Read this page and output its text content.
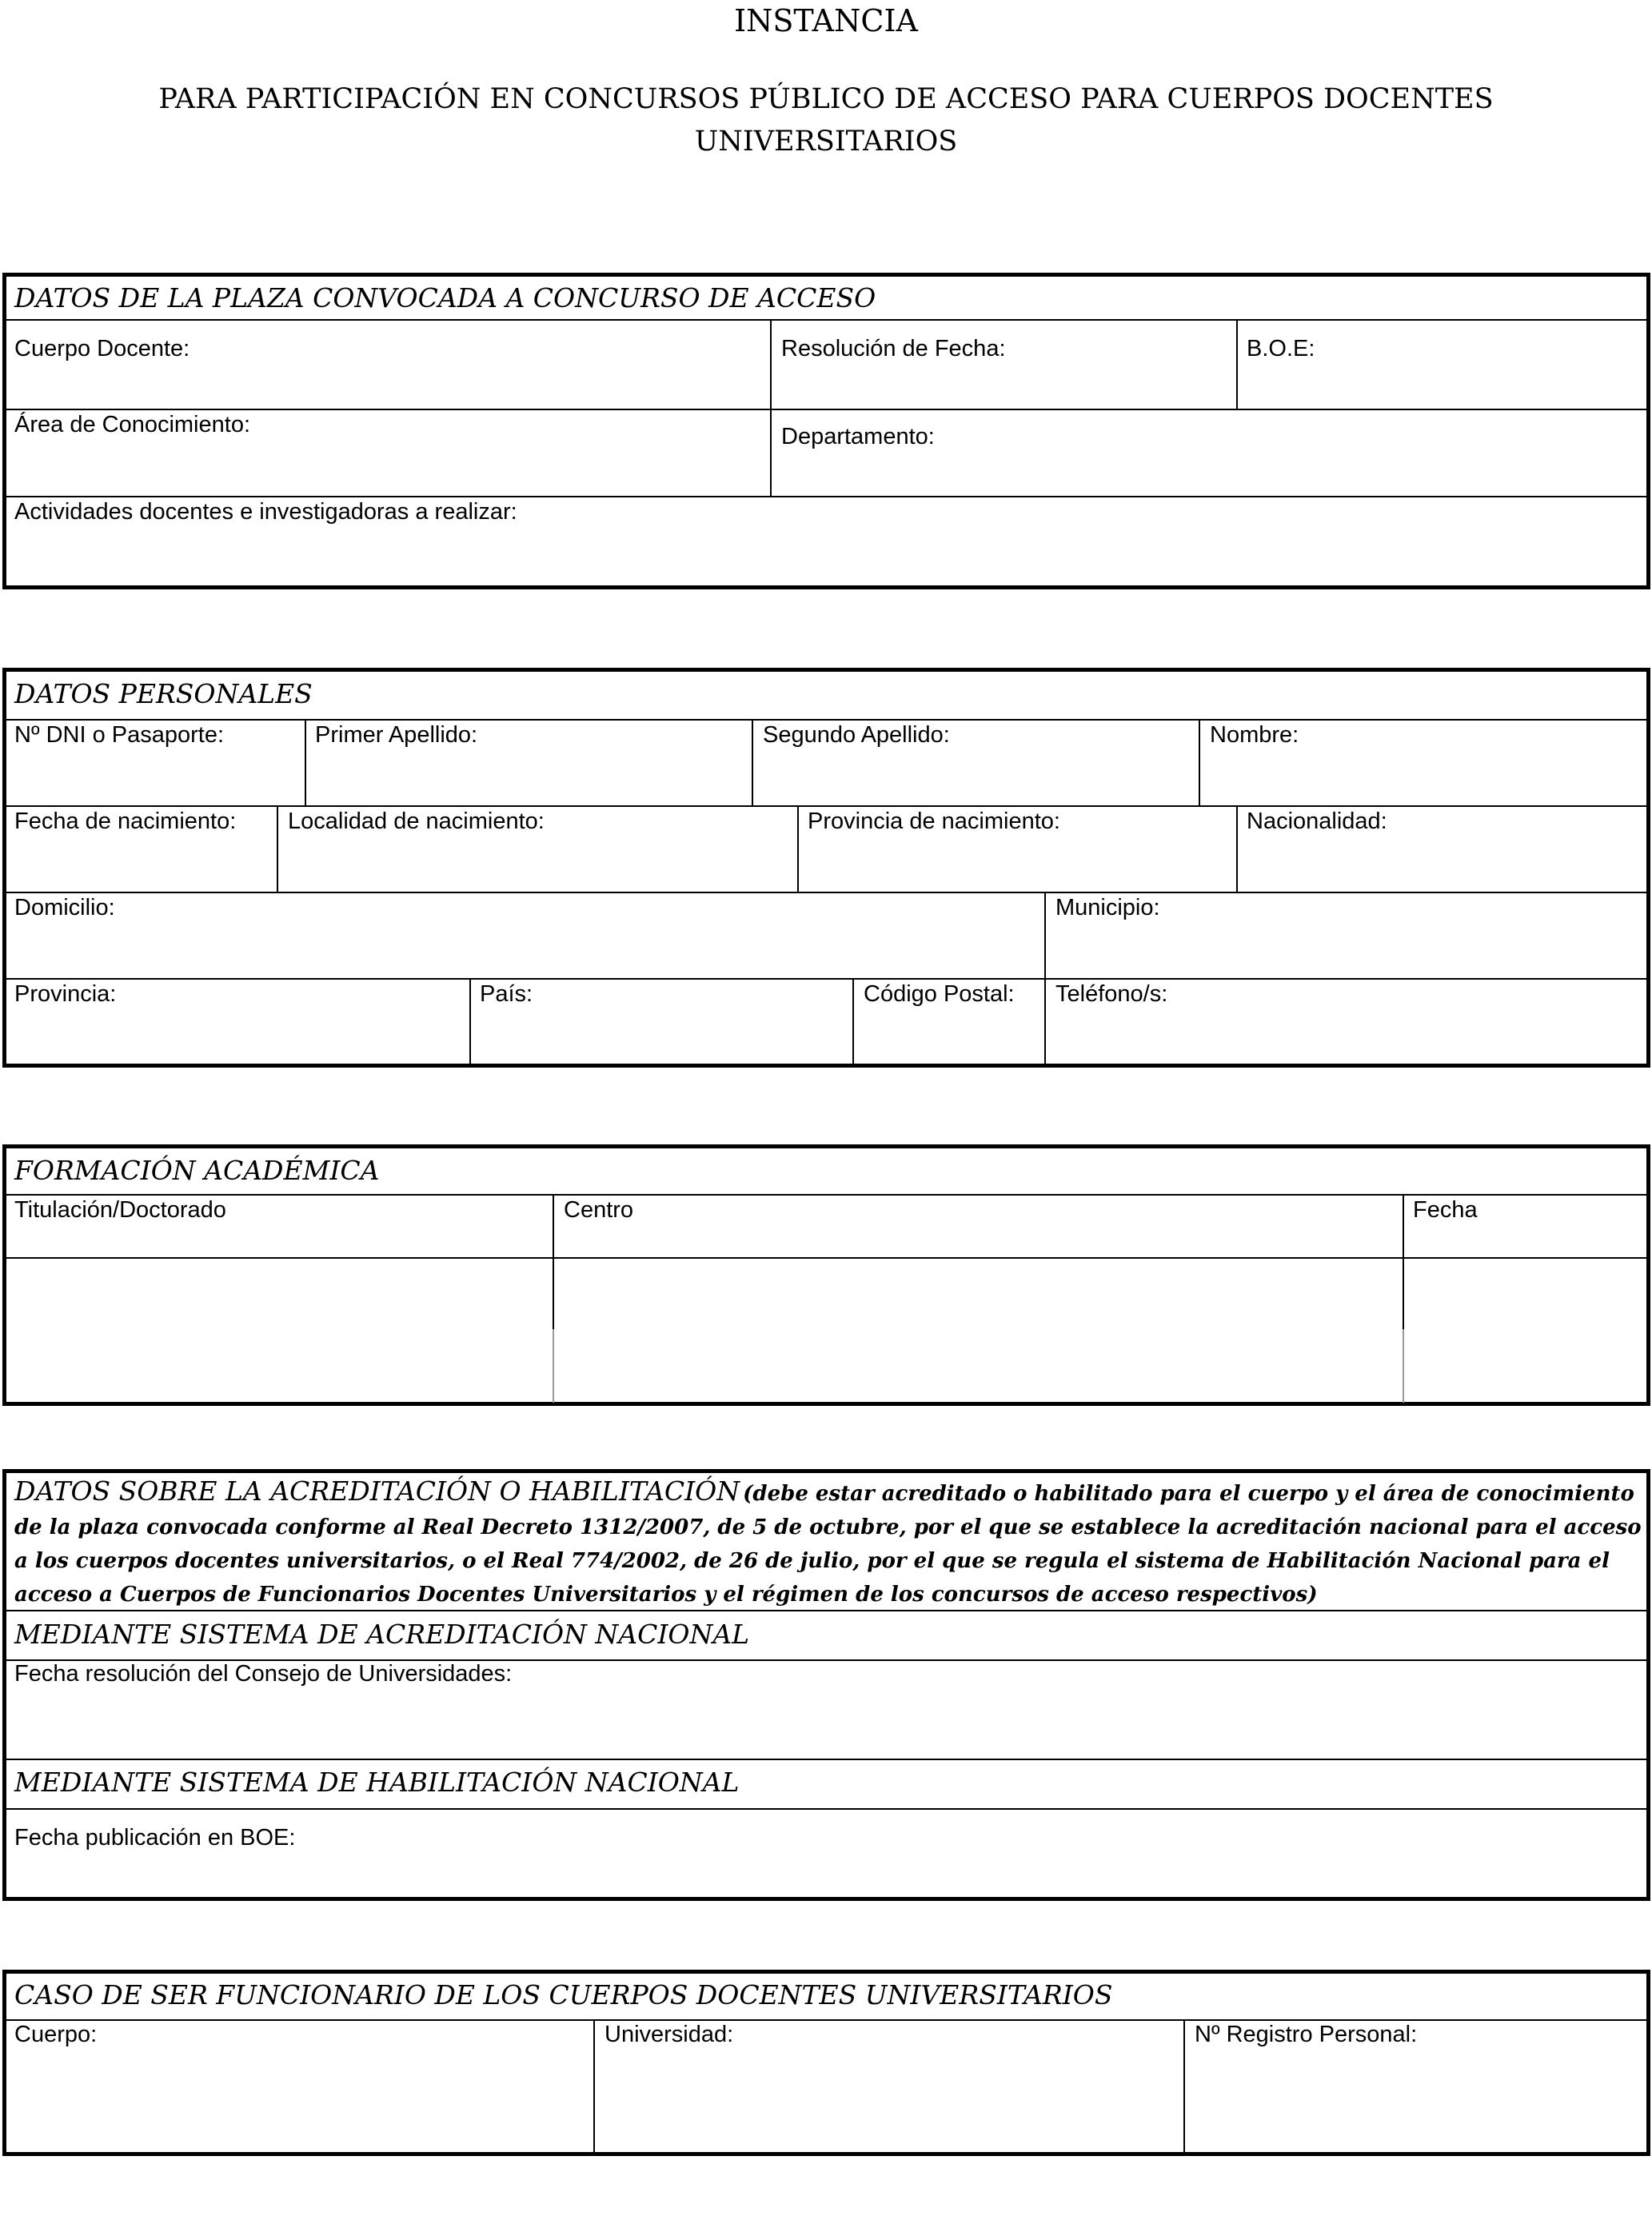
INSTANCIA
PARA PARTICIPACIÓN EN CONCURSOS PÚBLICO DE ACCESO PARA CUERPOS DOCENTES
UNIVERSITARIOS
DATOS DE LA PLAZA CONVOCADA A CONCURSO DE ACCESO
Cuerpo Docente:	Resolución de Fecha:	B.O.E:
Área de Conocimiento:	Departamento:
Actividades docentes e investigadoras a realizar:
DATOS PERSONALES
Nº DNI o Pasaporte:	Primer Apellido:	Segundo Apellido:	Nombre:
Fecha de nacimiento: Localidad de nacimiento:	Provincia de nacimiento:	Nacionalidad:
Domicilio:	Municipio:
Provincia:	País:	Código Postal: Teléfono/s:
FORMACIÓN ACADÉMICA
Titulación/Doctorado	Centro	Fecha
DATOS SOBRE LA ACREDITACIÓN O HABILITACIÓN (debe estar acreditado o habilitado para el cuerpo y el área de conocimiento de la plaza convocada conforme al Real Decreto 1312/2007, de 5 de octubre, por el que se establece la acreditación nacional para el acceso a los cuerpos docentes universitarios, o el Real 774/2002, de 26 de julio, por el que se regula el sistema de Habilitación Nacional para el acceso a Cuerpos de Funcionarios Docentes Universitarios y el régimen de los concursos de acceso respectivos)
MEDIANTE SISTEMA DE ACREDITACIÓN NACIONAL
Fecha resolución del Consejo de Universidades:
MEDIANTE SISTEMA DE HABILITACIÓN NACIONAL
Fecha publicación en BOE:
CASO DE SER FUNCIONARIO DE LOS CUERPOS DOCENTES UNIVERSITARIOS
Cuerpo:	Universidad:	Nº Registro Personal:
